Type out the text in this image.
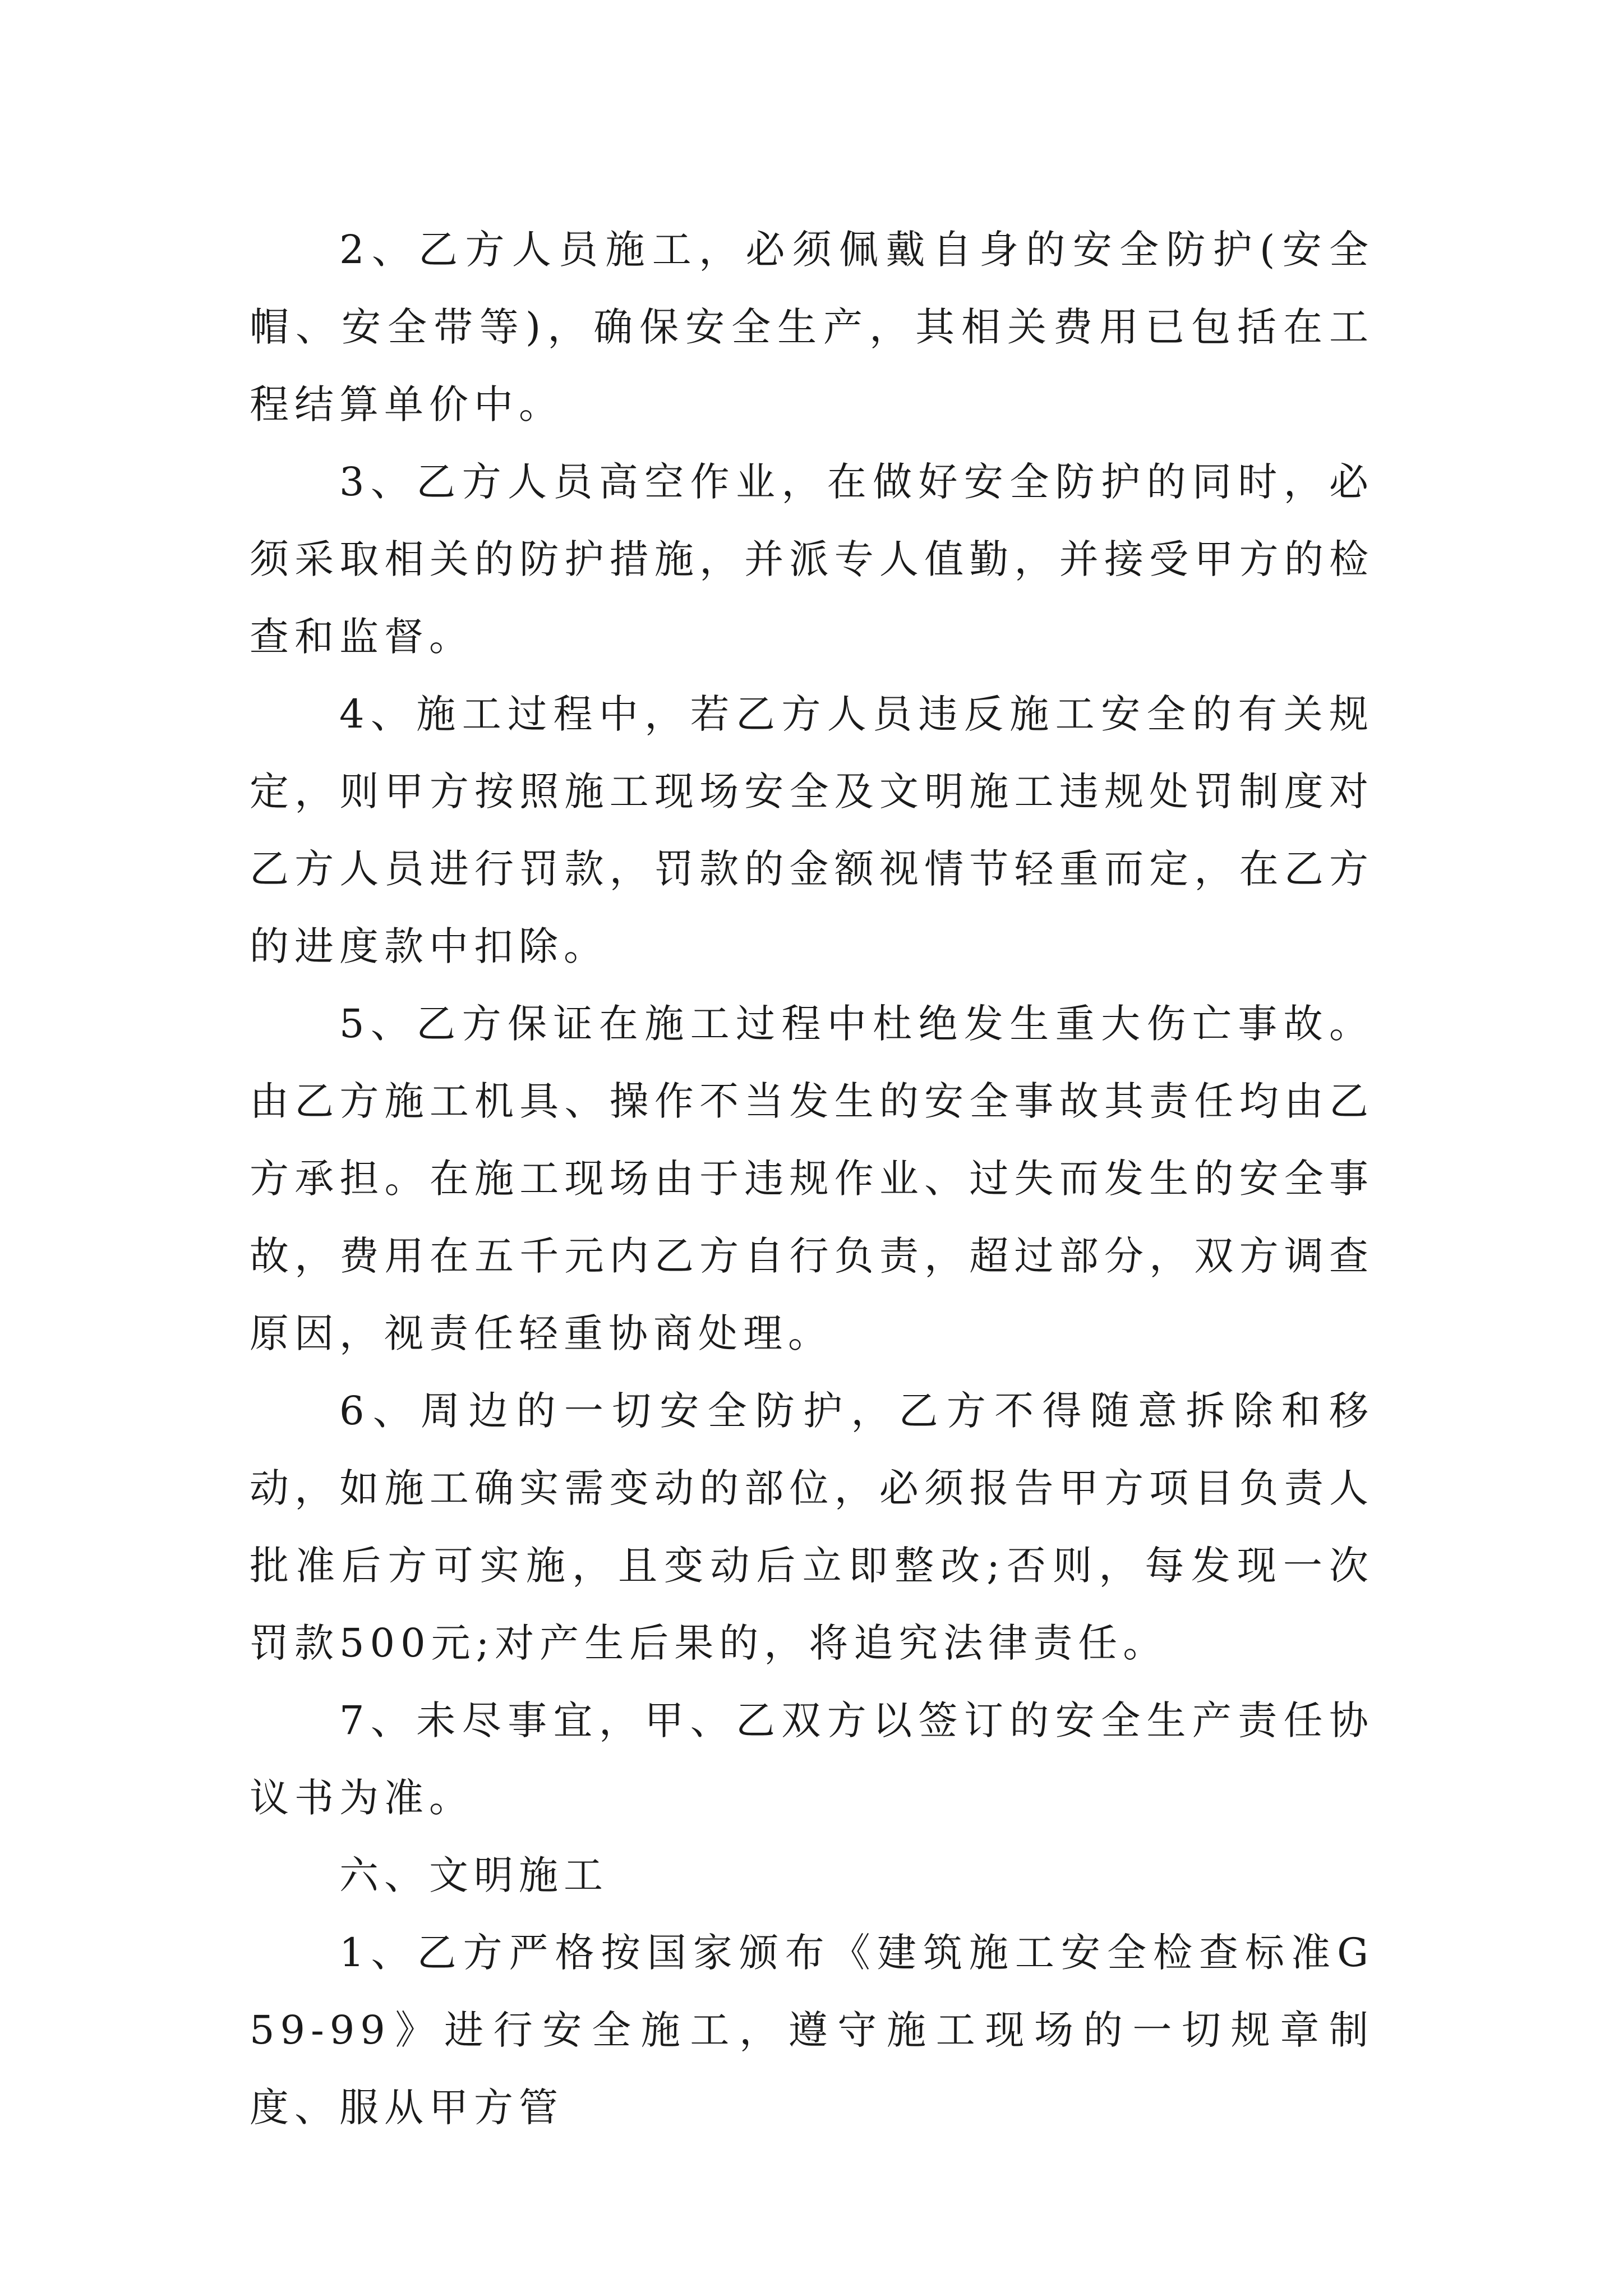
2、乙方人员施工，必须佩戴自身的安全防护(安全帽、安全带等)，确保安全生产，其相关费用已包括在工程结算单价中。

3、乙方人员高空作业，在做好安全防护的同时，必须采取相关的防护措施，并派专人值勤，并接受甲方的检查和监督。

4、施工过程中，若乙方人员违反施工安全的有关规定，则甲方按照施工现场安全及文明施工违规处罚制度对乙方人员进行罚款，罚款的金额视情节轻重而定，在乙方的进度款中扣除。

5、乙方保证在施工过程中杜绝发生重大伤亡事故。由乙方施工机具、操作不当发生的安全事故其责任均由乙方承担。在施工现场由于违规作业、过失而发生的安全事故，费用在五千元内乙方自行负责，超过部分，双方调查原因，视责任轻重协商处理。

6、周边的一切安全防护，乙方不得随意拆除和移动，如施工确实需变动的部位，必须报告甲方项目负责人批准后方可实施，且变动后立即整改;否则，每发现一次罚款500元;对产生后果的，将追究法律责任。

7、未尽事宜，甲、乙双方以签订的安全生产责任协议书为准。

六、文明施工

1、乙方严格按国家颁布《建筑施工安全检查标准G59-99》进行安全施工，遵守施工现场的一切规章制度、服从甲方管
